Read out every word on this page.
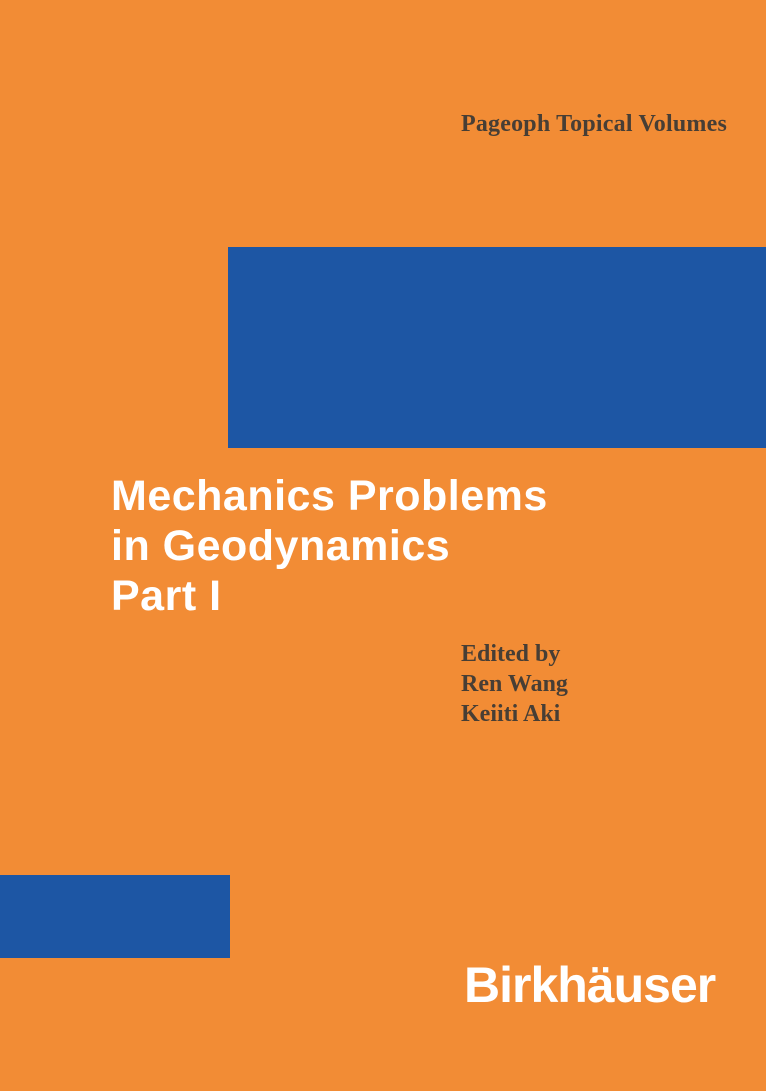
Pageoph Topical Volumes
Mechanics Problems
in Geodynamics
Part I
Edited by
Ren Wang
Keiiti Aki
Birkhäuser
